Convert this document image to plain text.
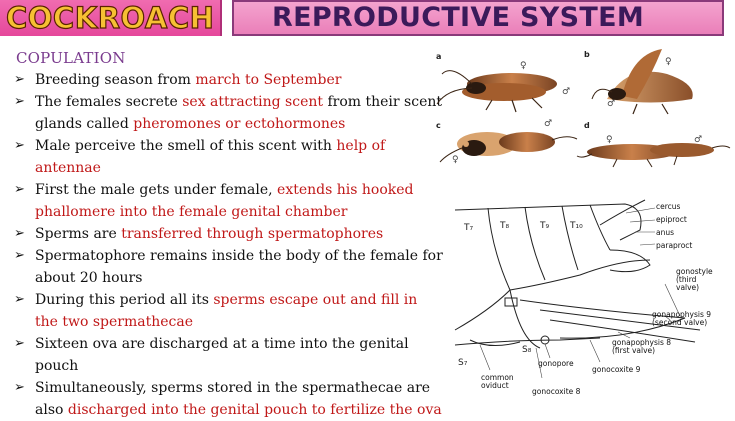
COCKROACH REPRODUCTIVE SYSTEM
COPULATION
➢ Breeding season from march to September
➢ The females secrete sex attracting scent from their scent glands called pheromones or ectohormones
➢ Male perceive the smell of this scent with help of antennae
➢ First the male gets under female, extends his hooked phallomere into the female genital chamber
➢ Sperms are transferred through spermatophores
➢ Spermatophore remains inside the body of the female for about 20 hours
➢ During this period all its sperms escape out and fill in the two spermathecae
➢ Sixteen ova are discharged at a time into the genital pouch
➢ Simultaneously, sperms stored in the spermathecae are also discharged into the genital pouch to fertilize the ova
♀
♂
♀
♂
♀
♂
♀	♂
a	b
c	d
T₇	T₈	T₉ T₁₀
S₇
S₈
cercus
epiproct
anus
paraproct
gonostyle
(third
valve)
gonapophysis 9
(second valve)
gonapophysis 8
(first valve)
gonocoxite 9
gonopore
common
oviduct
gonocoxite 8
